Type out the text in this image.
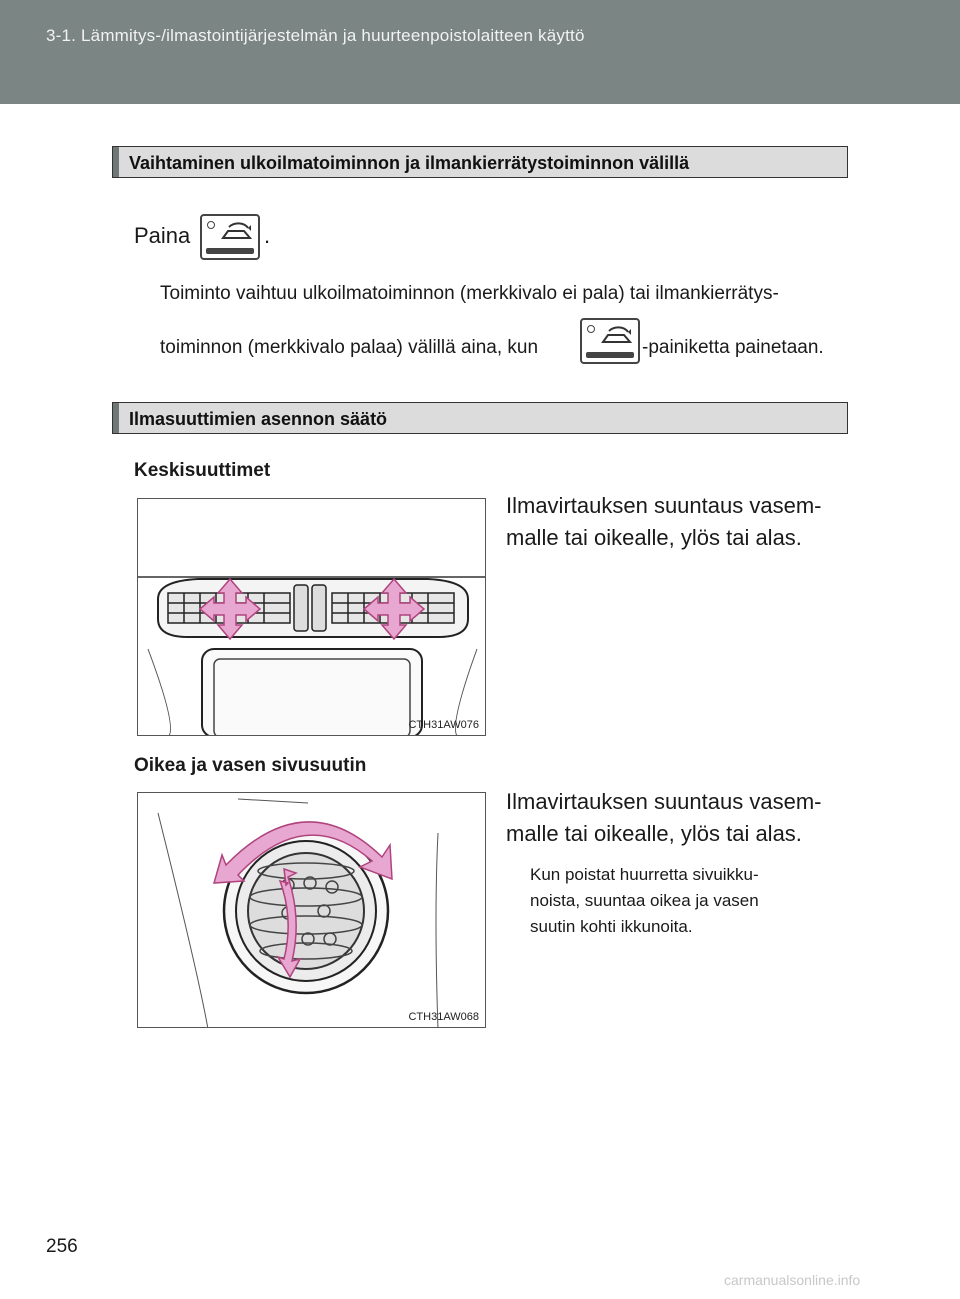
3-1. Lämmitys-/ilmastointijärjestelmän ja huurteenpoistolaitteen käyttö
Vaihtaminen ulkoilmatoiminnon ja ilmankierrätystoiminnon välillä
Paina	.
Toiminto vaihtuu ulkoilmatoiminnon (merkkivalo ei pala) tai ilmankierrätys-
toiminnon (merkkivalo palaa) välillä aina, kun	-painiketta painetaan.
Ilmasuuttimien asennon säätö
Keskisuuttimet
Ilmavirtauksen suuntaus vasem-
malle tai oikealle, ylös tai alas.
CTH31AW076
Oikea ja vasen sivusuutin
Ilmavirtauksen suuntaus vasem-
malle tai oikealle, ylös tai alas.
Kun poistat huurretta sivuikku-
noista, suuntaa oikea ja vasen
suutin kohti ikkunoita.
CTH31AW068
256
carmanualsonline.info
